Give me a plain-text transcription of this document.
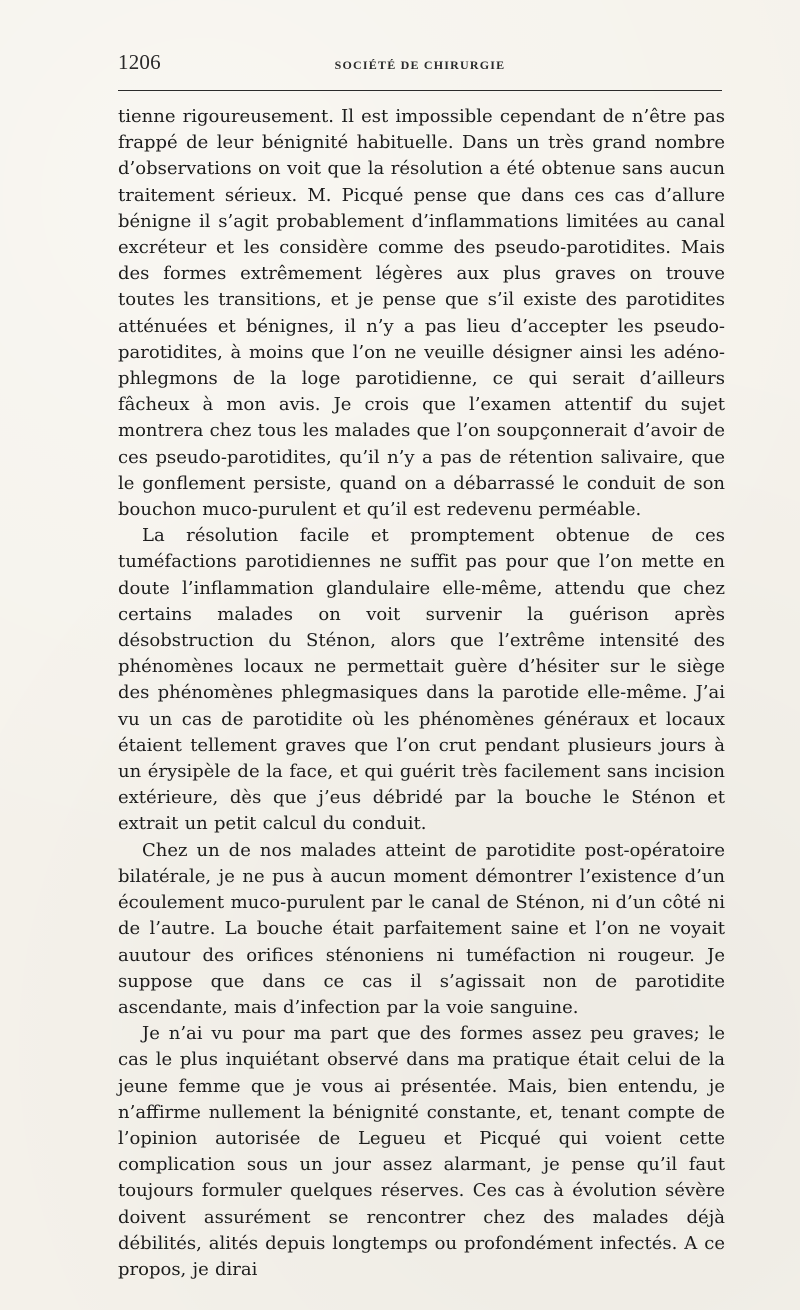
1206	SOCIÉTÉ DE CHIRURGIE

tienne rigoureusement. Il est impossible cependant de n’être pas frappé de leur bénignité habituelle. Dans un très grand nombre d’observations on voit que la résolution a été obtenue sans aucun traitement sérieux. M. Picqué pense que dans ces cas d’allure bénigne il s’agit probablement d’inflammations limitées au canal excréteur et les considère comme des pseudo-parotidites. Mais des formes extrêmement légères aux plus graves on trouve toutes les transitions, et je pense que s’il existe des parotidites atténuées et bénignes, il n’y a pas lieu d’accepter les pseudo-parotidites, à moins que l’on ne veuille désigner ainsi les adéno-phlegmons de la loge parotidienne, ce qui serait d’ailleurs fâcheux à mon avis. Je crois que l’examen attentif du sujet montrera chez tous les malades que l’on soupçonnerait d’avoir de ces pseudo-parotidites, qu’il n’y a pas de rétention salivaire, que le gonflement persiste, quand on a débarrassé le conduit de son bouchon muco-purulent et qu’il est redevenu perméable.

La résolution facile et promptement obtenue de ces tuméfactions parotidiennes ne suffit pas pour que l’on mette en doute l’inflammation glandulaire elle-même, attendu que chez certains malades on voit survenir la guérison après désobstruction du Sténon, alors que l’extrême intensité des phénomènes locaux ne permettait guère d’hésiter sur le siège des phénomènes phlegmasiques dans la parotide elle-même. J’ai vu un cas de parotidite où les phénomènes généraux et locaux étaient tellement graves que l’on crut pendant plusieurs jours à un érysipèle de la face, et qui guérit très facilement sans incision extérieure, dès que j’eus débridé par la bouche le Sténon et extrait un petit calcul du conduit.

Chez un de nos malades atteint de parotidite post-opératoire bilatérale, je ne pus à aucun moment démontrer l’existence d’un écoulement muco-purulent par le canal de Sténon, ni d’un côté ni de l’autre. La bouche était parfaitement saine et l’on ne voyait auutour des orifices sténoniens ni tuméfaction ni rougeur. Je suppose que dans ce cas il s’agissait non de parotidite ascendante, mais d’infection par la voie sanguine.

Je n’ai vu pour ma part que des formes assez peu graves; le cas le plus inquiétant observé dans ma pratique était celui de la jeune femme que je vous ai présentée. Mais, bien entendu, je n’affirme nullement la bénignité constante, et, tenant compte de l’opinion autorisée de Legueu et Picqué qui voient cette complication sous un jour assez alarmant, je pense qu’il faut toujours formuler quelques réserves. Ces cas à évolution sévère doivent assurément se rencontrer chez des malades déjà débilités, alités depuis longtemps ou profondément infectés. A ce propos, je dirai
